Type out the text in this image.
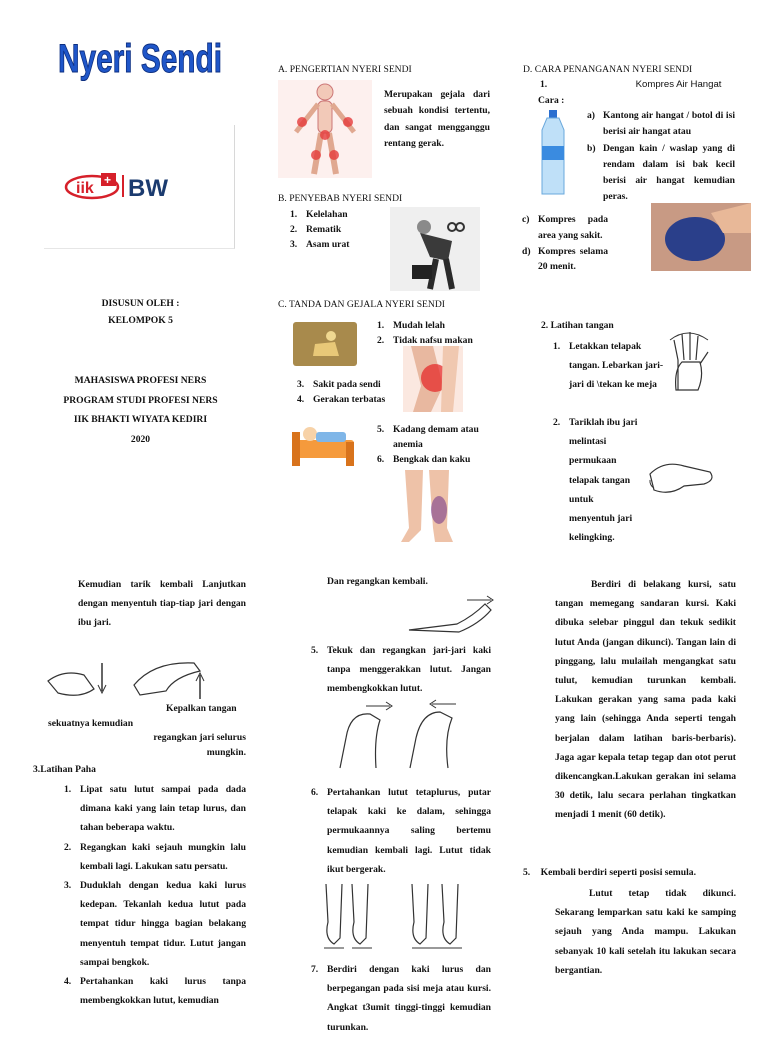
Nyeri Sendi
iik + BW
DISUSUN OLEH :
KELOMPOK 5
MAHASISWA PROFESI NERS
PROGRAM STUDI PROFESI NERS
IIK BHAKTI WIYATA KEDIRI
2020
A. PENGERTIAN NYERI SENDI
Merupakan gejala dari sebuah kondisi tertentu, dan sangat mengganggu rentang gerak.
B. PENYEBAB NYERI SENDI
1. Kelelahan
2. Rematik
3. Asam urat
C. TANDA DAN GEJALA NYERI SENDI
1. Mudah lelah
2. Tidak nafsu makan
3. Sakit pada sendi
4. Gerakan terbatas
5. Kadang demam atau anemia
6. Bengkak dan kaku
D. CARA PENANGANAN NYERI SENDI
1.	Kompres Air Hangat
Cara :
a) Kantong air hangat / botol di isi berisi air hangat atau
b) Dengan kain / waslap yang di rendam dalam isi bak kecil berisi air hangat kemudian peras.
c) Kompres pada area yang sakit.
d) Kompres selama 20 menit.
2. Latihan tangan
1. Letakkan telapak tangan. Lebarkan jari-jari di \tekan ke meja
2. Tariklah ibu jari melintasi permukaan telapak tangan untuk menyentuh jari kelingking.
Kemudian tarik kembali Lanjutkan dengan menyentuh tiap-tiap jari dengan ibu jari.
Kepalkan tangan
sekuatnya kemudian
regangkan jari selurus mungkin.
3.Latihan Paha
1. Lipat satu lutut sampai pada dada dimana kaki yang lain tetap lurus, dan tahan beberapa waktu.
2. Regangkan kaki sejauh mungkin lalu kembali lagi. Lakukan satu persatu.
3. Duduklah dengan kedua kaki lurus kedepan. Tekanlah kedua lutut pada tempat tidur hingga bagian belakang menyentuh tempat tidur. Lutut jangan sampai bengkok.
4. Pertahankan kaki lurus tanpa membengkokkan lutut, kemudian
Dan regangkan kembali.
5. Tekuk dan regangkan jari-jari kaki tanpa menggerakkan lutut. Jangan membengkokkan lutut.
6. Pertahankan lutut tetaplurus, putar telapak kaki ke dalam, sehingga permukaannya saling bertemu kemudian kembali lagi. Lutut tidak ikut bergerak.
7. Berdiri dengan kaki lurus dan berpegangan pada sisi meja atau kursi. Angkat t3umit tinggi-tinggi kemudian turunkan.
Berdiri di belakang kursi, satu tangan memegang sandaran kursi. Kaki dibuka selebar pinggul dan tekuk sedikit lutut Anda (jangan dikunci). Tangan lain di pinggang, lalu mulailah mengangkat satu tulut, kemudian turunkan kembali. Lakukan gerakan yang sama pada kaki yang lain (sehingga Anda seperti tengah berjalan dalam latihan baris-berbaris). Jaga agar kepala tetap tegap dan otot perut dikencangkan.Lakukan gerakan ini selama 30 detik, lalu secara perlahan tingkatkan menjadi 1 menit (60 detik).
5. Kembali berdiri seperti posisi semula.
Lutut tetap tidak dikunci. Sekarang lemparkan satu kaki ke samping sejauh yang Anda mampu. Lakukan sebanyak 10 kali setelah itu lakukan secara bergantian.
